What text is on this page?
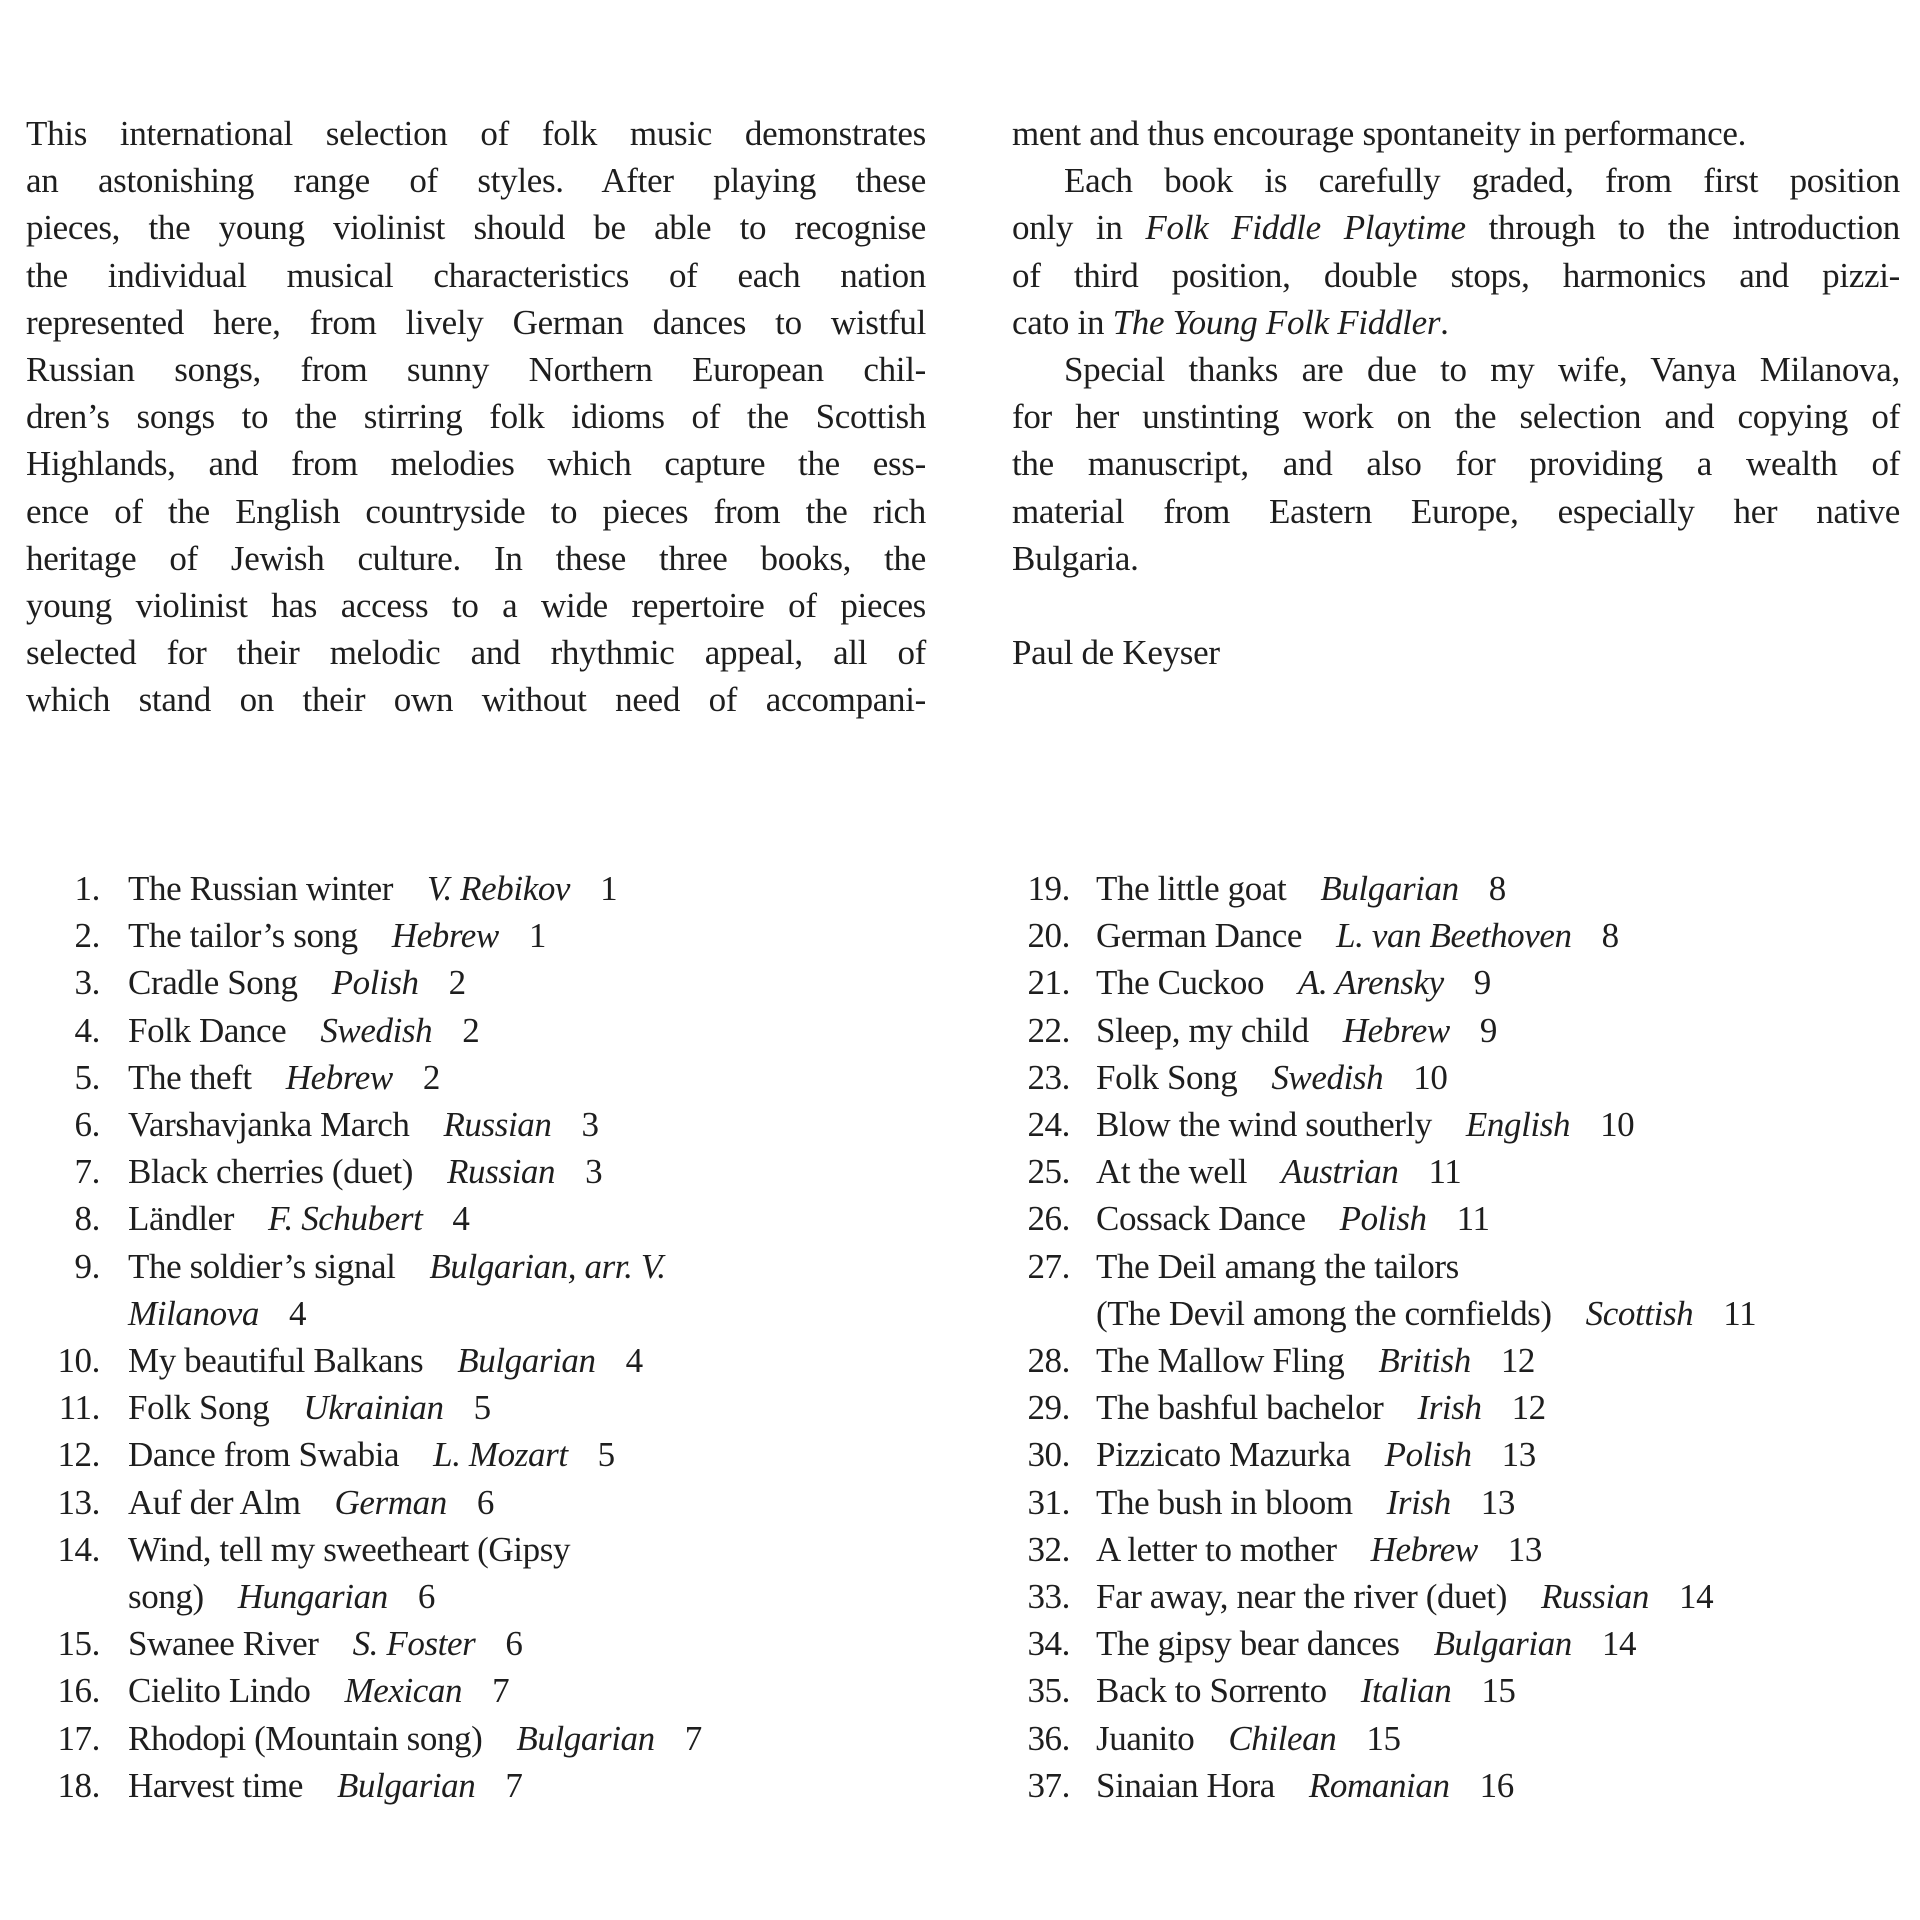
This international selection of folk music demonstrates
an astonishing range of styles. After playing these
pieces, the young violinist should be able to recognise
the individual musical characteristics of each nation
represented here, from lively German dances to wistful
Russian songs, from sunny Northern European chil-
dren’s songs to the stirring folk idioms of the Scottish
Highlands, and from melodies which capture the ess-
ence of the English countryside to pieces from the rich
heritage of Jewish culture. In these three books, the
young violinist has access to a wide repertoire of pieces
selected for their melodic and rhythmic appeal, all of
which stand on their own without need of accompani-

ment and thus encourage spontaneity in performance.

Each book is carefully graded, from first position
only in Folk Fiddle Playtime through to the introduction
of third position, double stops, harmonics and pizzi-
cato in The Young Folk Fiddler.

Special thanks are due to my wife, Vanya Milanova,
for her unstinting work on the selection and copying of
the manuscript, and also for providing a wealth of
material from Eastern Europe, especially her native
Bulgaria.

Paul de Keyser

1. The Russian winter V. Rebikov 1
2. The tailor’s song Hebrew 1
3. Cradle Song Polish 2
4. Folk Dance Swedish 2
5. The theft Hebrew 2
6. Varshavjanka March Russian 3
7. Black cherries (duet) Russian 3
8. Ländler F. Schubert 4
9. The soldier’s signal Bulgarian, arr. V.
Milanova 4
10. My beautiful Balkans Bulgarian 4
11. Folk Song Ukrainian 5
12. Dance from Swabia L. Mozart 5
13. Auf der Alm German 6
14. Wind, tell my sweetheart (Gipsy
song) Hungarian 6
15. Swanee River S. Foster 6
16. Cielito Lindo Mexican 7
17. Rhodopi (Mountain song) Bulgarian 7
18. Harvest time Bulgarian 7
19. The little goat Bulgarian 8
20. German Dance L. van Beethoven 8
21. The Cuckoo A. Arensky 9
22. Sleep, my child Hebrew 9
23. Folk Song Swedish 10
24. Blow the wind southerly English 10
25. At the well Austrian 11
26. Cossack Dance Polish 11
27. The Deil amang the tailors
(The Devil among the cornfields) Scottish 11
28. The Mallow Fling British 12
29. The bashful bachelor Irish 12
30. Pizzicato Mazurka Polish 13
31. The bush in bloom Irish 13
32. A letter to mother Hebrew 13
33. Far away, near the river (duet) Russian 14
34. The gipsy bear dances Bulgarian 14
35. Back to Sorrento Italian 15
36. Juanito Chilean 15
37. Sinaian Hora Romanian 16
